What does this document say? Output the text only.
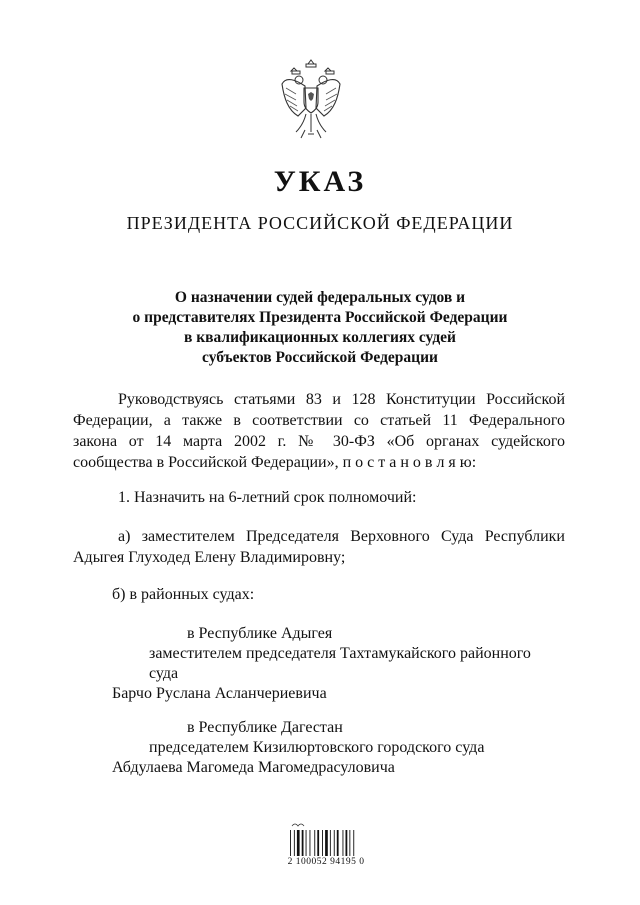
УКАЗ
ПРЕЗИДЕНТА РОССИЙСКОЙ ФЕДЕРАЦИИ
О назначении судей федеральных судов и
о представителях Президента Российской Федерации
в квалификационных коллегиях судей
субъектов Российской Федерации
Руководствуясь статьями 83 и 128 Конституции Российской
Федерации, а также в соответствии со статьей 11 Федерального
закона от 14 марта 2002 г. № 30-ФЗ «Об органах судейского
сообщества в Российской Федерации», п о с т а н о в л я ю:
1. Назначить на 6-летний срок полномочий:
а) заместителем Председателя Верховного Суда Республики
Адыгея Глуходед Елену Владимировну;
б) в районных судах:
в Республике Адыгея
заместителем председателя Тахтамукайского районного
суда
Барчо Руслана Асланчериевича
в Республике Дагестан
председателем Кизилюртовского городского суда
Абдулаева Магомеда Магомедрасуловича
2 100052 94195 0
